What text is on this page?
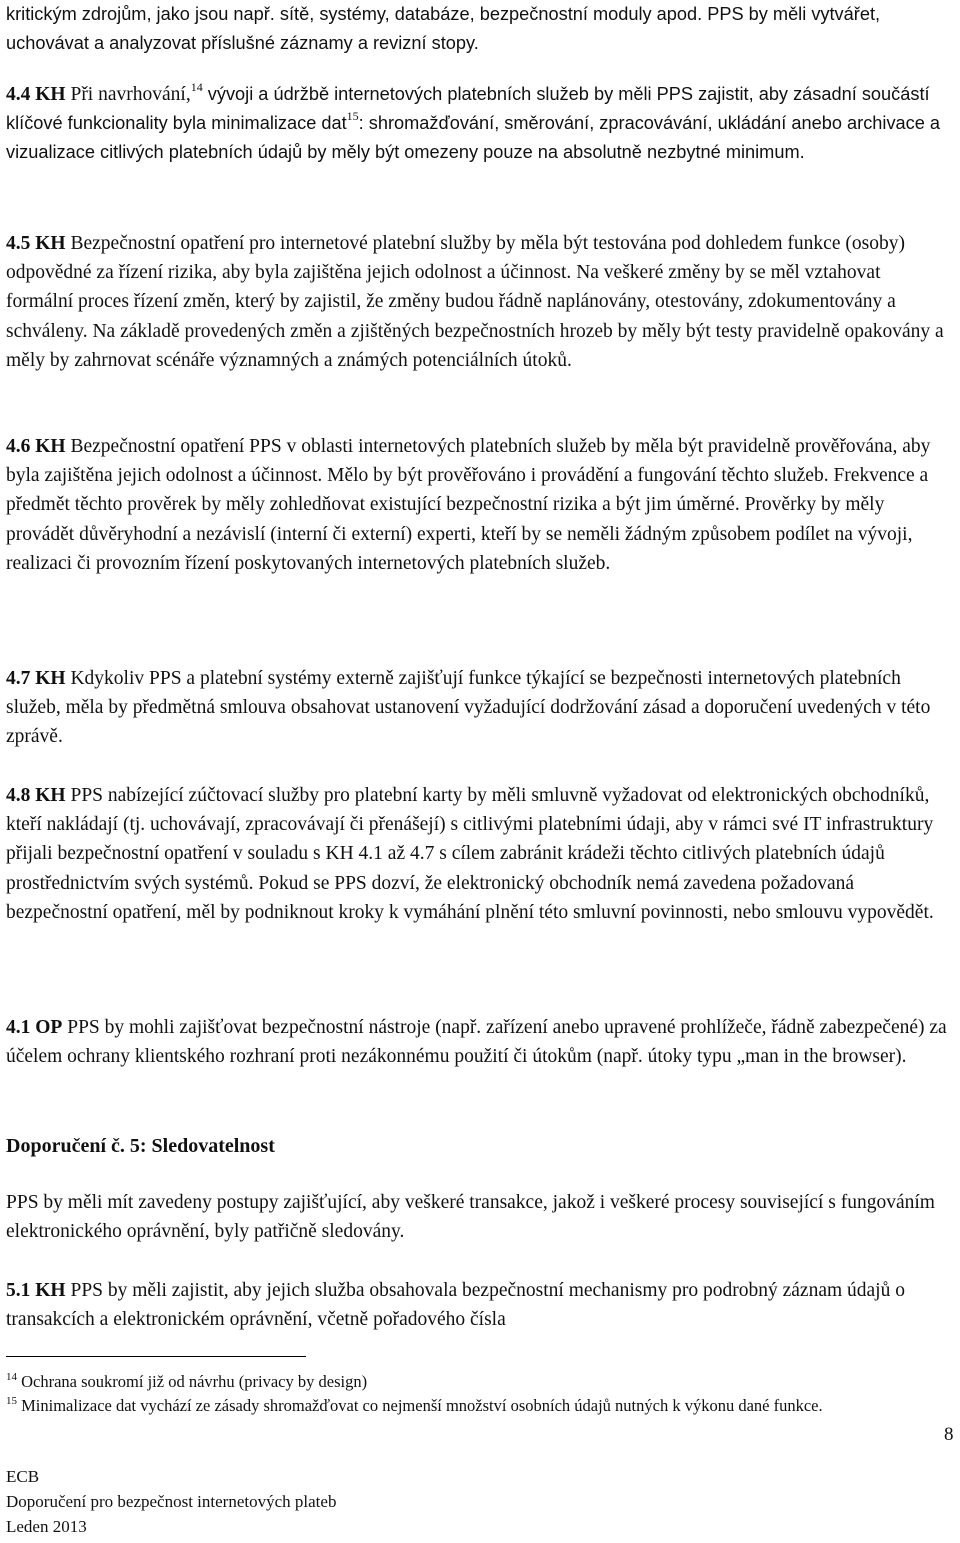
kritickým zdrojům, jako jsou např. sítě, systémy, databáze, bezpečnostní moduly apod. PPS by měli vytvářet, uchovávat a analyzovat příslušné záznamy a revizní stopy.

4.4 KH Při navrhování,$^{14}$ vývoji a údržbě internetových platebních služeb by měli PPS zajistit, aby zásadní součástí klíčové funkcionality byla minimalizace dat$^{15}$: shromažďování, směrování, zpracovávání, ukládání anebo archivace a vizualizace citlivých platebních údajů by měly být omezeny pouze na absolutně nezbytné minimum.

4.5 KH Bezpečnostní opatření pro internetové platební služby by měla být testována pod dohledem funkce (osoby) odpovědné za řízení rizika, aby byla zajištěna jejich odolnost a účinnost. Na veškeré změny by se měl vztahovat formální proces řízení změn, který by zajistil, že změny budou řádně naplánovány, otestovány, zdokumentovány a schváleny. Na základě provedených změn a zjištěných bezpečnostních hrozeb by měly být testy pravidelně opakovány a měly by zahrnovat scénáře významných a známých potenciálních útoků.

4.6 KH Bezpečnostní opatření PPS v oblasti internetových platebních služeb by měla být pravidelně prověřována, aby byla zajištěna jejich odolnost a účinnost. Mělo by být prověřováno i provádění a fungování těchto služeb. Frekvence a předmět těchto prověrek by měly zohledňovat existující bezpečnostní rizika a být jim úměrné. Prověrky by měly provádět důvěryhodní a nezávislí (interní či externí) experti, kteří by se neměli žádným způsobem podílet na vývoji, realizaci či provozním řízení poskytovaných internetových platebních služeb.

4.7 KH Kdykoliv PPS a platební systémy externě zajišťují funkce týkající se bezpečnosti internetových platebních služeb, měla by předmětná smlouva obsahovat ustanovení vyžadující dodržování zásad a doporučení uvedených v této zprávě.

4.8 KH PPS nabízející zúčtovací služby pro platební karty by měli smluvně vyžadovat od elektronických obchodníků, kteří nakládají (tj. uchovávají, zpracovávají či přenášejí) s citlivými platebními údaji, aby v rámci své IT infrastruktury přijali bezpečnostní opatření v souladu s KH 4.1 až 4.7 s cílem zabránit krádeži těchto citlivých platebních údajů prostřednictvím svých systémů. Pokud se PPS dozví, že elektronický obchodník nemá zavedena požadovaná bezpečnostní opatření, měl by podniknout kroky k vymáhání plnění této smluvní povinnosti, nebo smlouvu vypovědět.

4.1 OP PPS by mohli zajišťovat bezpečnostní nástroje (např. zařízení anebo upravené prohlížeče, řádně zabezpečené) za účelem ochrany klientského rozhraní proti nezákonnému použití či útokům (např. útoky typu „man in the browser).

Doporučení č. 5: Sledovatelnost

PPS by měli mít zavedeny postupy zajišťující, aby veškeré transakce, jakož i veškeré procesy související s fungováním elektronického oprávnění, byly patřičně sledovány.

5.1 KH PPS by měli zajistit, aby jejich služba obsahovala bezpečnostní mechanismy pro podrobný záznam údajů o transakcích a elektronickém oprávnění, včetně pořadového čísla

$^{14}$ Ochrana soukromí již od návrhu (privacy by design)

$^{15}$ Minimalizace dat vychází ze zásady shromažďovat co nejmenší množství osobních údajů nutných k výkonu dané funkce.

8

ECB

Doporučení pro bezpečnost internetových plateb

Leden 2013
